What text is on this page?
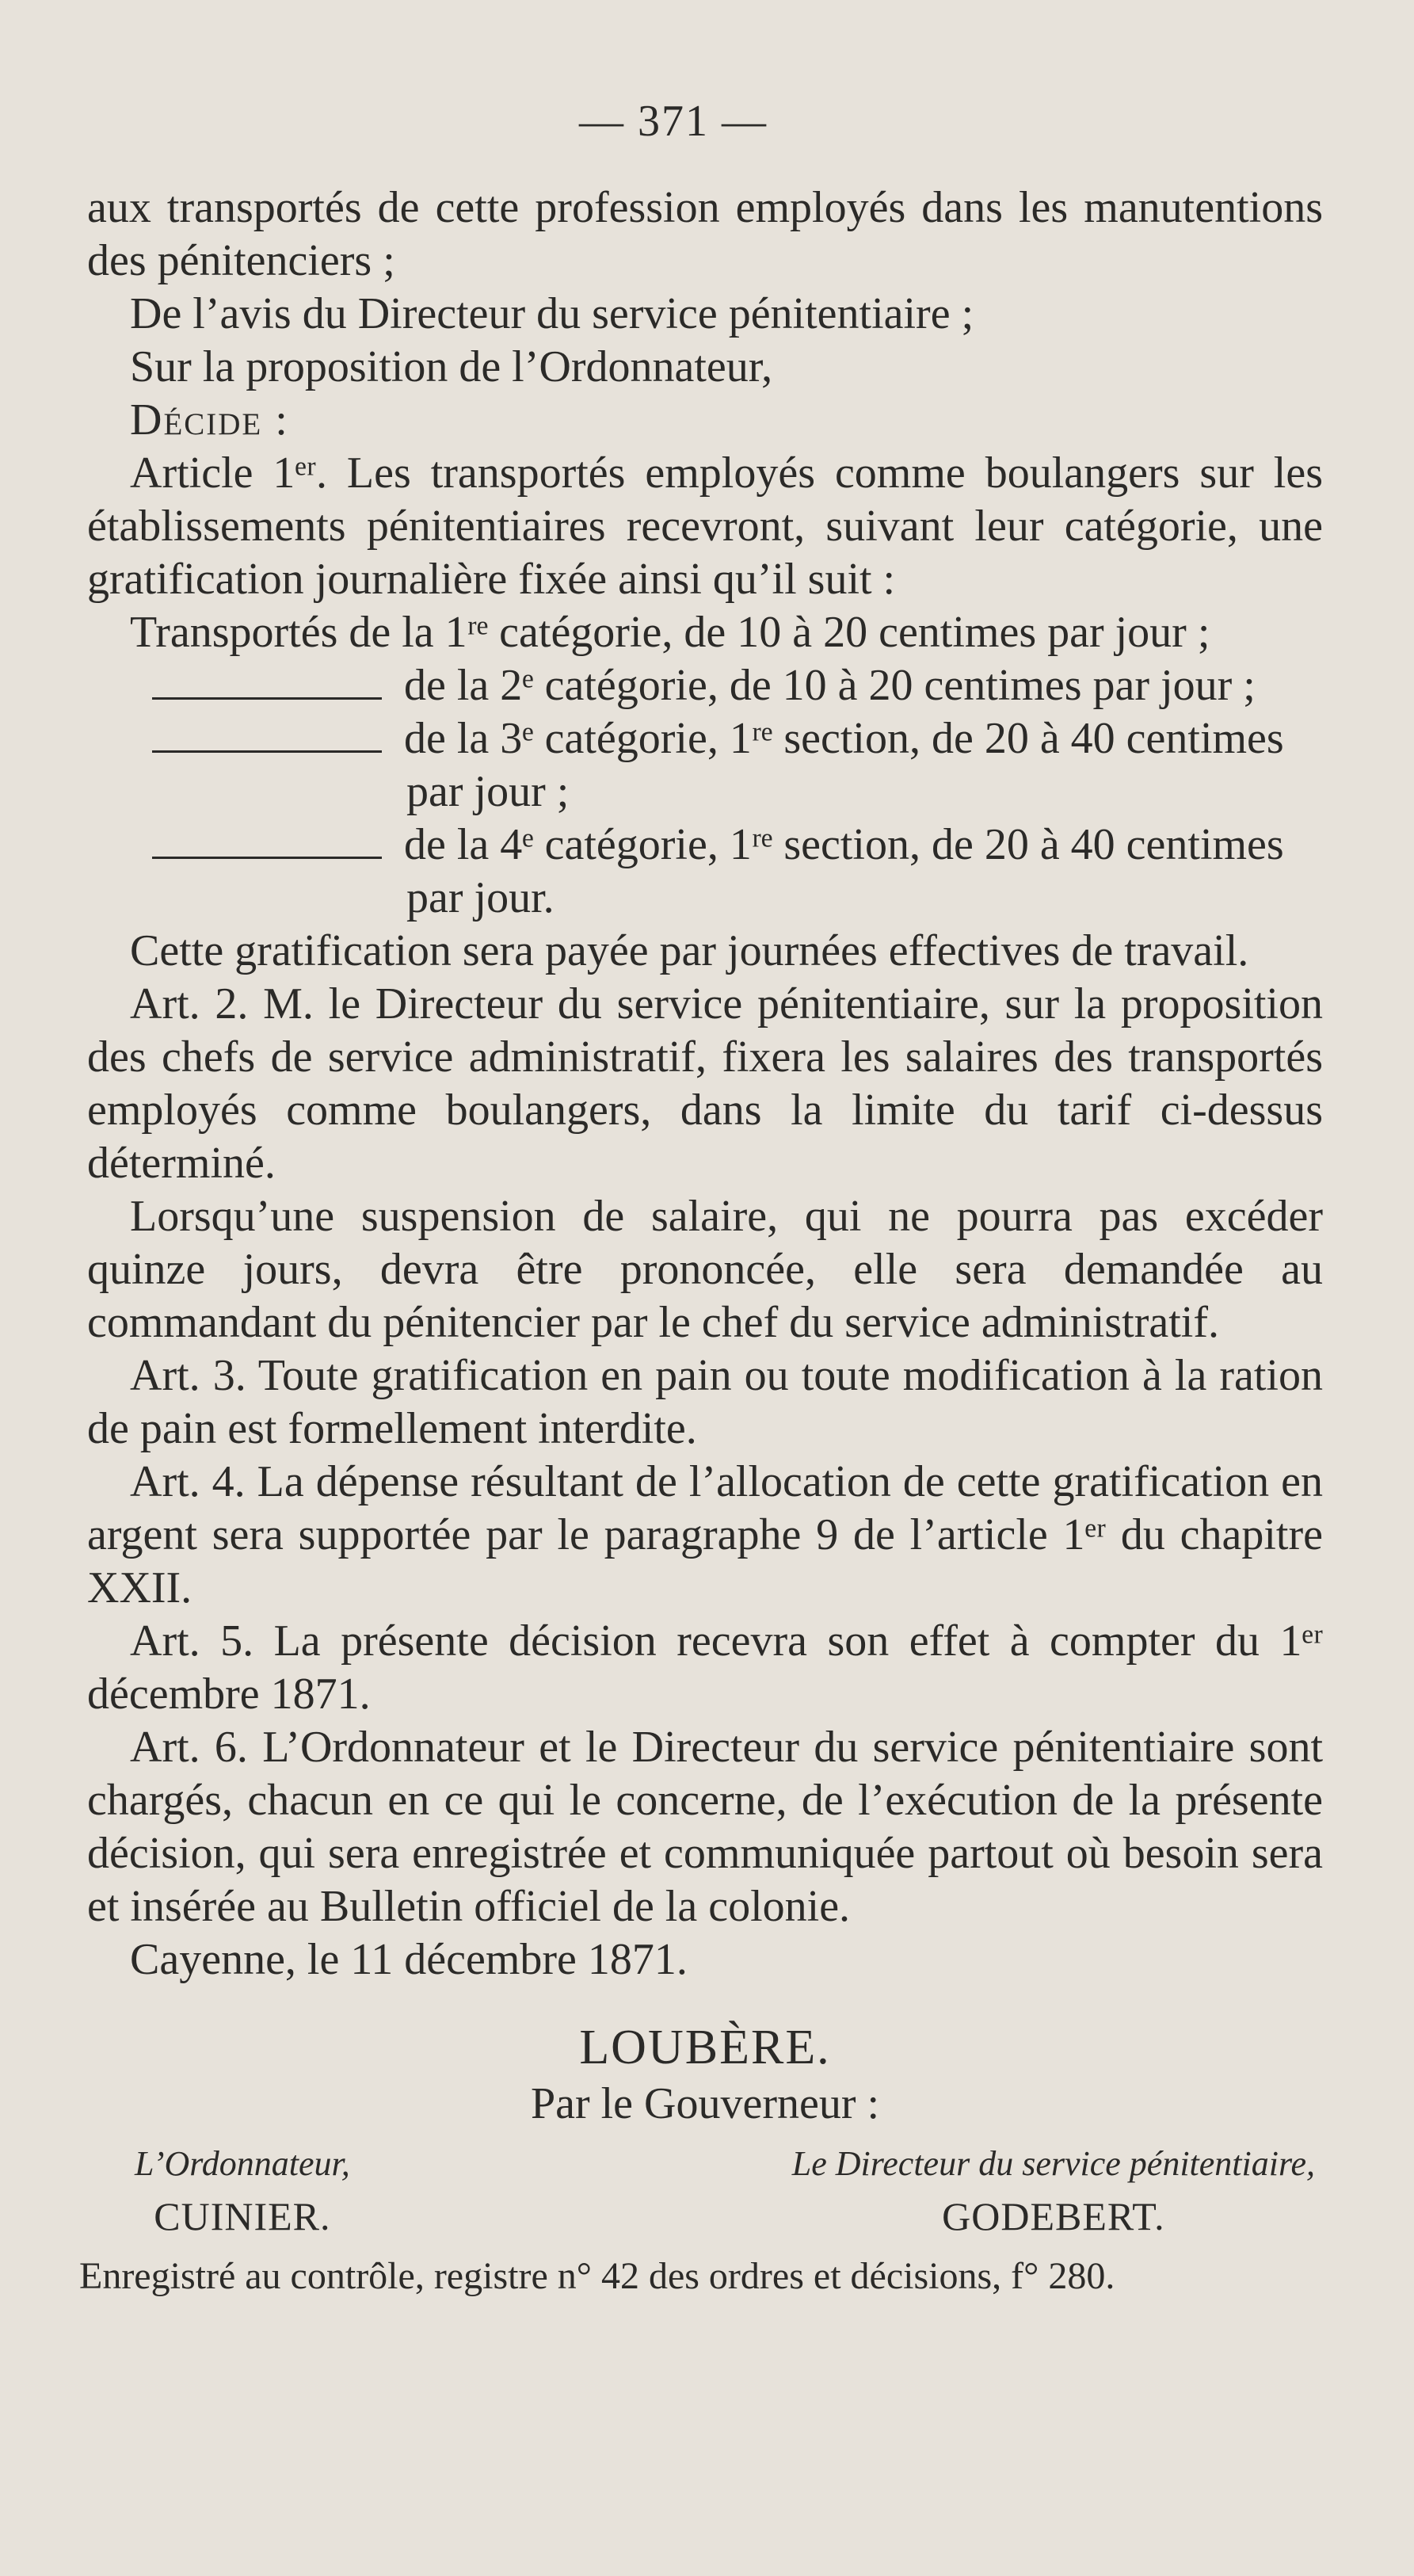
— 371 —

aux transportés de cette profession employés dans les manutentions des pénitenciers ;

De l’avis du Directeur du service pénitentiaire ;

Sur la proposition de l’Ordonnateur,

Décide :

Article 1ᵉʳ. Les transportés employés comme boulangers sur les établissements pénitentiaires recevront, suivant leur catégorie, une gratification journalière fixée ainsi qu’il suit :

Transportés de la 1ʳᵉ catégorie, de 10 à 20 centimes par jour ;

de la 2ᵉ catégorie, de 10 à 20 centimes par jour ;
de la 3ᵉ catégorie, 1ʳᵉ section, de 20 à 40 centimes

par jour ;

de la 4ᵉ catégorie, 1ʳᵉ section, de 20 à 40 centimes

par jour.

Cette gratification sera payée par journées effectives de travail.

Art. 2. M. le Directeur du service pénitentiaire, sur la proposition des chefs de service administratif, fixera les salaires des transportés employés comme boulangers, dans la limite du tarif ci-dessus déterminé.

Lorsqu’une suspension de salaire, qui ne pourra pas excéder quinze jours, devra être prononcée, elle sera demandée au commandant du pénitencier par le chef du service administratif.

Art. 3. Toute gratification en pain ou toute modification à la ration de pain est formellement interdite.

Art. 4. La dépense résultant de l’allocation de cette gratification en argent sera supportée par le paragraphe 9 de l’article 1ᵉʳ du chapitre XXII.

Art. 5. La présente décision recevra son effet à compter du 1ᵉʳ décembre 1871.

Art. 6. L’Ordonnateur et le Directeur du service pénitentiaire sont chargés, chacun en ce qui le concerne, de l’exécution de la présente décision, qui sera enregistrée et communiquée partout où besoin sera et insérée au Bulletin officiel de la colonie.

Cayenne, le 11 décembre 1871.

LOUBÈRE.
Par le Gouverneur :
L’Ordonnateur,
CUINIER.
Le Directeur du service pénitentiaire,
GODEBERT.
Enregistré au contrôle, registre n° 42 des ordres et décisions, f° 280.
